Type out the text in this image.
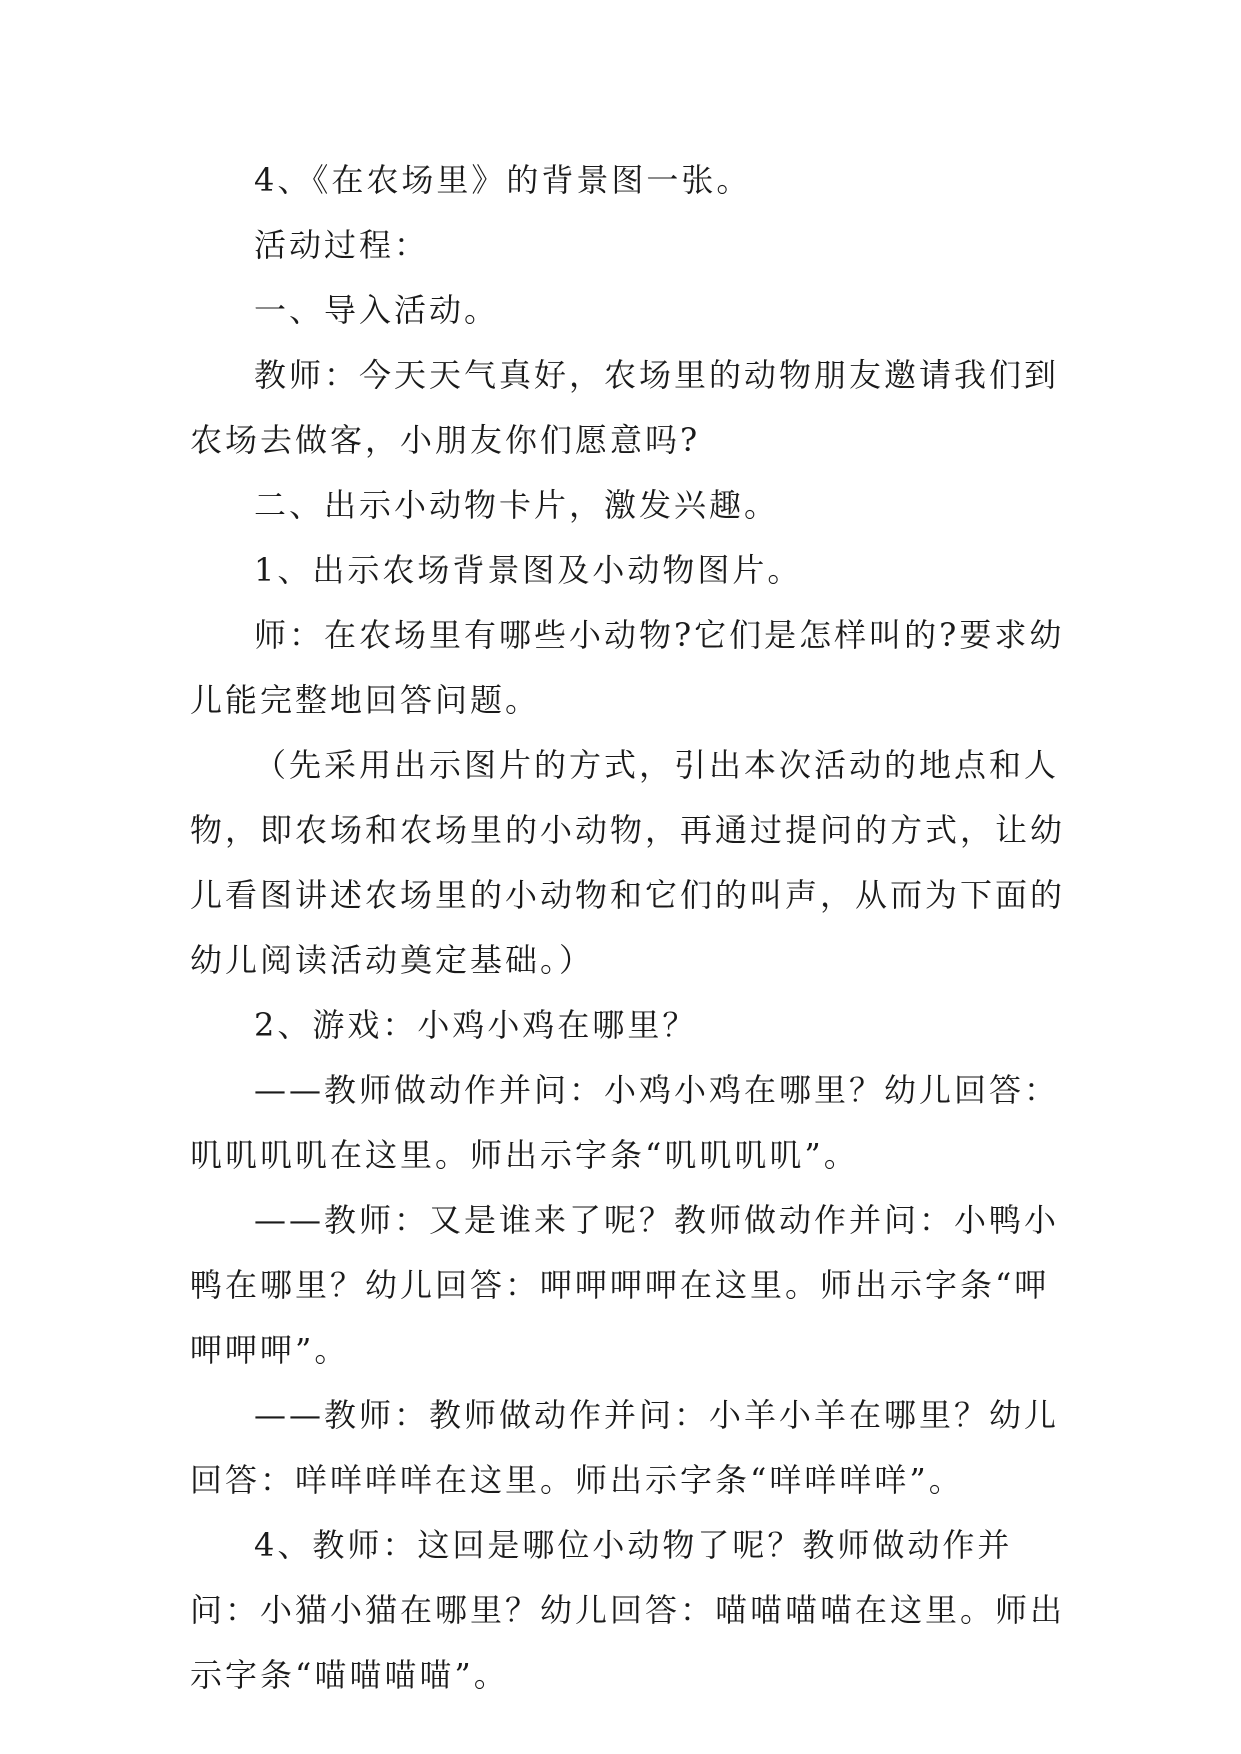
4、《在农场里》的背景图一张。

活动过程：

一、导入活动。

教师：今天天气真好，农场里的动物朋友邀请我们到农场去做客，小朋友你们愿意吗?

二、出示小动物卡片，激发兴趣。

1、出示农场背景图及小动物图片。

师：在农场里有哪些小动物?它们是怎样叫的?要求幼儿能完整地回答问题。

（先采用出示图片的方式，引出本次活动的地点和人物，即农场和农场里的小动物，再通过提问的方式，让幼儿看图讲述农场里的小动物和它们的叫声，从而为下面的幼儿阅读活动奠定基础。）

2、游戏：小鸡小鸡在哪里？

——教师做动作并问：小鸡小鸡在哪里？幼儿回答：叽叽叽叽在这里。师出示字条“叽叽叽叽”。

——教师：又是谁来了呢？教师做动作并问：小鸭小鸭在哪里？幼儿回答：呷呷呷呷在这里。师出示字条“呷呷呷呷”。

——教师：教师做动作并问：小羊小羊在哪里？幼儿回答：咩咩咩咩在这里。师出示字条“咩咩咩咩”。

4、教师：这回是哪位小动物了呢？教师做动作并问：小猫小猫在哪里？幼儿回答：喵喵喵喵在这里。师出示字条“喵喵喵喵”。
